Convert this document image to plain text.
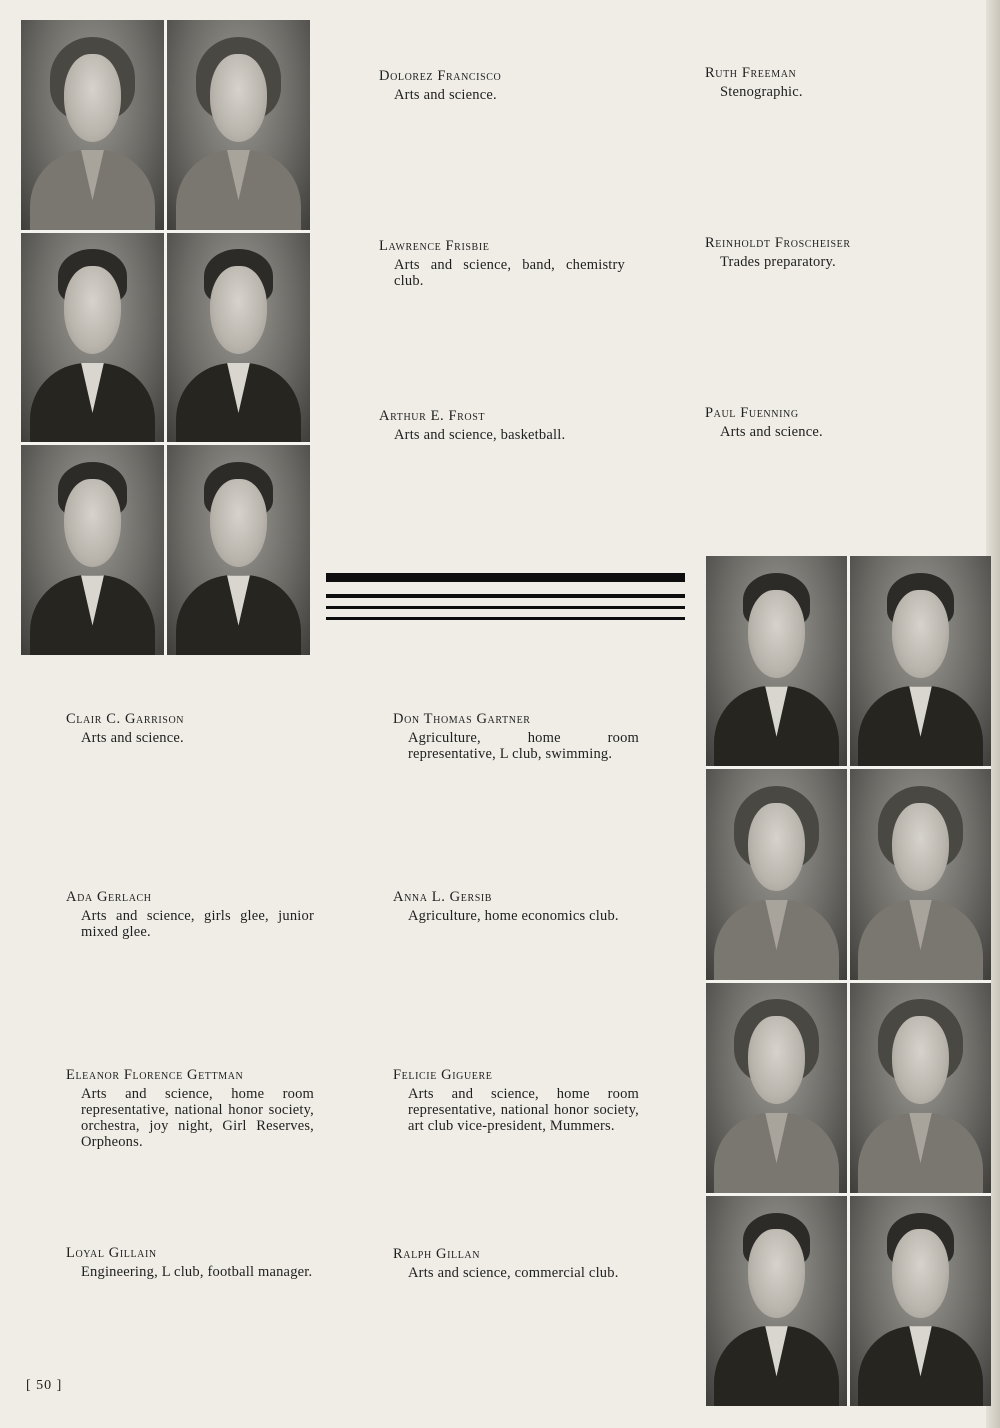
Dolorez Francisco
Arts and science.
Ruth Freeman
Stenographic.
Lawrence Frisbie
Arts and science, band, chemistry club.
Reinholdt Froscheiser
Trades preparatory.
Arthur E. Frost
Arts and science, basketball.
Paul Fuenning
Arts and science.
Clair C. Garrison
Arts and science.
Don Thomas Gartner
Agriculture, home room representative, L club, swimming.
Ada Gerlach
Arts and science, girls glee, junior mixed glee.
Anna L. Gersib
Agriculture, home economics club.
Eleanor Florence Gettman
Arts and science, home room representative, national honor society, orchestra, joy night, Girl Reserves, Orpheons.
Felicie Giguere
Arts and science, home room representative, national honor society, art club vice-president, Mummers.
Loyal Gillain
Engineering, L club, football manager.
Ralph Gillan
Arts and science, commercial club.
[ 50 ]
